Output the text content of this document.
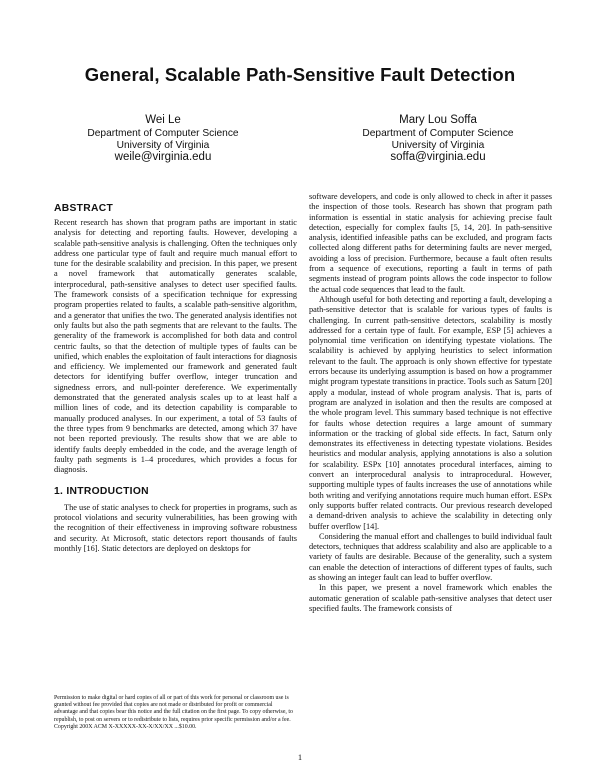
General, Scalable Path-Sensitive Fault Detection
Wei Le
Department of Computer Science
University of Virginia
weile@virginia.edu
Mary Lou Soffa
Department of Computer Science
University of Virginia
soffa@virginia.edu
ABSTRACT

Recent research has shown that program paths are important in static analysis for detecting and reporting faults. However, developing a scalable path-sensitive analysis is challenging. Often the techniques only address one particular type of fault and require much manual effort to tune for the desirable scalability and precision. In this paper, we present a novel framework that automatically generates scalable, interprocedural, path-sensitive analyses to detect user specified faults. The framework consists of a specification technique for expressing program properties related to faults, a scalable path-sensitive algorithm, and a generator that unifies the two. The generated analysis identifies not only faults but also the path segments that are relevant to the faults. The generality of the framework is accomplished for both data and control centric faults, so that the detection of multiple types of faults can be unified, which enables the exploitation of fault interactions for diagnosis and efficiency. We implemented our framework and generated fault detectors for identifying buffer overflow, integer truncation and signedness errors, and null-pointer dereference. We experimentally demonstrated that the generated analysis scales up to at least half a million lines of code, and its detection capability is comparable to manually produced analyses. In our experiment, a total of 53 faults of the three types from 9 benchmarks are detected, among which 37 have not been reported previously. The results show that we are able to identify faults deeply embedded in the code, and the average length of faulty path segments is 1–4 procedures, which provides a focus for diagnosis.

1. INTRODUCTION

The use of static analyses to check for properties in programs, such as protocol violations and security vulnerabilities, has been growing with the recognition of their effectiveness in improving software robustness and security. At Microsoft, static detectors report thousands of faults monthly [16]. Static detectors are deployed on desktops for

software developers, and code is only allowed to check in after it passes the inspection of those tools. Research has shown that program path information is essential in static analysis for achieving precise fault detection, especially for complex faults [5, 14, 20]. In path-sensitive analysis, identified infeasible paths can be excluded, and program facts collected along different paths for determining faults are never merged, avoiding a loss of precision. Furthermore, because a fault often results from a sequence of executions, reporting a fault in terms of path segments instead of program points allows the code inspector to follow the actual code sequences that lead to the fault.

Although useful for both detecting and reporting a fault, developing a path-sensitive detector that is scalable for various types of faults is challenging. In current path-sensitive detectors, scalability is mostly addressed for a certain type of fault. For example, ESP [5] achieves a polynomial time verification on identifying typestate violations. The scalability is achieved by applying heuristics to select information relevant to the fault. The approach is only shown effective for typestate errors because its underlying assumption is based on how a programmer might program typestate transitions in practice. Tools such as Saturn [20] apply a modular, instead of whole program analysis. That is, parts of program are analyzed in isolation and then the results are composed at the whole program level. This summary based technique is not effective for faults whose detection requires a large amount of summary information or the tracking of global side effects. In fact, Saturn only demonstrates its effectiveness in detecting typestate violations. Besides heuristics and modular analysis, applying annotations is also a solution for scalability. ESPx [10] annotates procedural interfaces, aiming to convert an interprocedural analysis to intraprocedural. However, supporting multiple types of faults increases the use of annotations while both writing and verifying annotations require much human effort. ESPx only supports buffer related contracts. Our previous research developed a demand-driven analysis to achieve the scalability in detecting only buffer overflow [14].

Considering the manual effort and challenges to build individual fault detectors, techniques that address scalability and also are applicable to a variety of faults are desirable. Because of the generality, such a system can enable the detection of interactions of different types of faults, such as showing an integer fault can lead to buffer overflow.

In this paper, we present a novel framework which enables the automatic generation of scalable path-sensitive analyses that detect user specified faults. The framework consists of

Permission to make digital or hard copies of all or part of this work for personal or classroom use is granted without fee provided that copies are not made or distributed for profit or commercial advantage and that copies bear this notice and the full citation on the first page. To copy otherwise, to republish, to post on servers or to redistribute to lists, requires prior specific permission and/or a fee.

Copyright 200X ACM X-XXXXX-XX-X/XX/XX ...$10.00.

1
